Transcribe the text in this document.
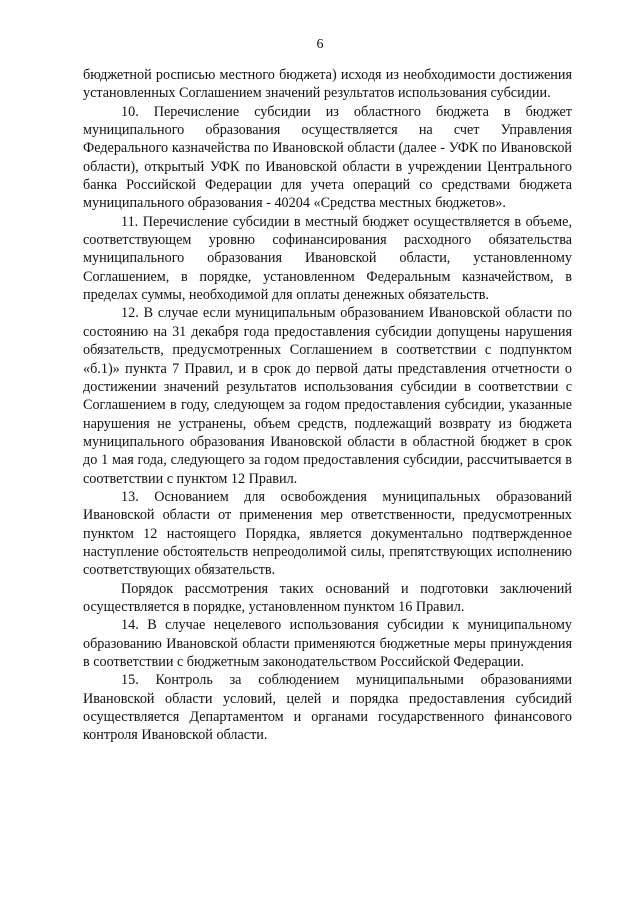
6

бюджетной росписью местного бюджета) исходя из необходимости достижения установленных Соглашением значений результатов использования субсидии.

10. Перечисление субсидии из областного бюджета в бюджет муниципального образования осуществляется на счет Управления Федерального казначейства по Ивановской области (далее - УФК по Ивановской области), открытый УФК по Ивановской области в учреждении Центрального банка Российской Федерации для учета операций со средствами бюджета муниципального образования - 40204 «Средства местных бюджетов».

11. Перечисление субсидии в местный бюджет осуществляется в объеме, соответствующем уровню софинансирования расходного обязательства муниципального образования Ивановской области, установленному Соглашением, в порядке, установленном Федеральным казначейством, в пределах суммы, необходимой для оплаты денежных обязательств.

12. В случае если муниципальным образованием Ивановской области по состоянию на 31 декабря года предоставления субсидии допущены нарушения обязательств, предусмотренных Соглашением в соответствии с подпунктом «б.1)» пункта 7 Правил, и в срок до первой даты представления отчетности о достижении значений результатов использования субсидии в соответствии с Соглашением в году, следующем за годом предоставления субсидии, указанные нарушения не устранены, объем средств, подлежащий возврату из бюджета муниципального образования Ивановской области в областной бюджет в срок до 1 мая года, следующего за годом предоставления субсидии, рассчитывается в соответствии с пунктом 12 Правил.

13. Основанием для освобождения муниципальных образований Ивановской области от применения мер ответственности, предусмотренных пунктом 12 настоящего Порядка, является документально подтвержденное наступление обстоятельств непреодолимой силы, препятствующих исполнению соответствующих обязательств.

Порядок рассмотрения таких оснований и подготовки заключений осуществляется в порядке, установленном пунктом 16 Правил.

14. В случае нецелевого использования субсидии к муниципальному образованию Ивановской области применяются бюджетные меры принуждения в соответствии с бюджетным законодательством Российской Федерации.

15. Контроль за соблюдением муниципальными образованиями Ивановской области условий, целей и порядка предоставления субсидий осуществляется Департаментом и органами государственного финансового контроля Ивановской области.
